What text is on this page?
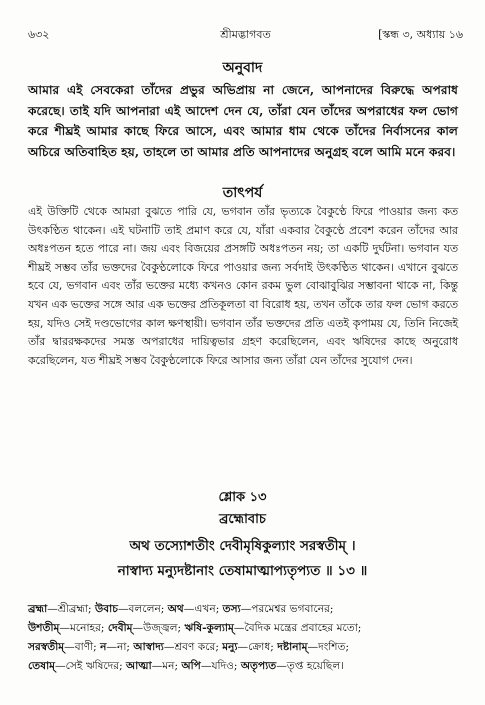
৬৩২	শ্রীমদ্ভাগবত	[স্কন্ধ ৩, অধ্যায় ১৬
অনুবাদ
আমার এই সেবকেরা তাঁদের প্রভুর অভিপ্রায় না জেনে, আপনাদের বিরুদ্ধে অপরাধ করেছে। তাই যদি আপনারা এই আদেশ দেন যে, তাঁরা যেন তাঁদের অপরাধের ফল ভোগ করে শীঘ্রই আমার কাছে ফিরে আসে, এবং আমার ধাম থেকে তাঁদের নির্বাসনের কাল অচিরে অতিবাহিত হয়, তাহলে তা আমার প্রতি আপনাদের অনুগ্রহ বলে আমি মনে করব।
তাৎপর্য
এই উক্তিটি থেকে আমরা বুঝতে পারি যে, ভগবান তাঁর ভৃত্যকে বৈকুণ্ঠে ফিরে পাওয়ার জন্য কত উৎকণ্ঠিত থাকেন। এই ঘটনাটি তাই প্রমাণ করে যে, যাঁরা একবার বৈকুণ্ঠে প্রবেশ করেন তাঁদের আর অধঃপতন হতে পারে না। জয় এবং বিজয়ের প্রসঙ্গটি অধঃপতন নয়; তা একটি দুর্ঘটনা। ভগবান যত শীঘ্রই সম্ভব তাঁর ভক্তদের বৈকুণ্ঠলোকে ফিরে পাওয়ার জন্য সর্বদাই উৎকণ্ঠিত থাকেন। এখানে বুঝতে হবে যে, ভগবান এবং তাঁর ভক্তের মধ্যে কখনও কোন রকম ভুল বোঝাবুঝির সম্ভাবনা থাকে না, কিন্তু যখন এক ভক্তের সঙ্গে আর এক ভক্তের প্রতিকূলতা বা বিরোধ হয়, তখন তাঁকে তার ফল ভোগ করতে হয়, যদিও সেই দণ্ডভোগের কাল ক্ষণস্থায়ী। ভগবান তাঁর ভক্তদের প্রতি এতই কৃপাময় যে, তিনি নিজেই তাঁর দ্বাররক্ষকদের সমস্ত অপরাধের দায়িত্বভার গ্রহণ করেছিলেন, এবং ঋষিদের কাছে অনুরোধ করেছিলেন, যত শীঘ্রই সম্ভব বৈকুণ্ঠলোকে ফিরে আসার জন্য তাঁরা যেন তাঁদের সুযোগ দেন।
শ্লোক ১৩
ব্রহ্মোবাচ
অথ তস্যোশতীং দেবীমৃষিকুল্যাং সরস্বতীম্‌ ।
নাস্বাদ্য মন্যুদষ্টানাং তেষামাত্মাপ্যতৃপ্যত ॥ ১৩ ॥
ব্রহ্মা—শ্রীব্রহ্মা; উবাচ—বললেন; অথ—এখন; তস্য—পরমেশ্বর ভগবানের;
উশতীম্—মনোহর; দেবীম্—উজ্জ্বল; ঋষি-কুল্যাম্—বৈদিক মন্ত্রের প্রবাহের মতো;
সরস্বতীম্—বাণী; ন—না; আস্বাদ্য—শ্রবণ করে; মন্যু—ক্রোধ; দষ্টানাম্—দংশিত;
তেষাম্—সেই ঋষিদের; আত্মা—মন; অপি—যদিও; অতৃপ্যত—তৃপ্ত হয়েছিল।
